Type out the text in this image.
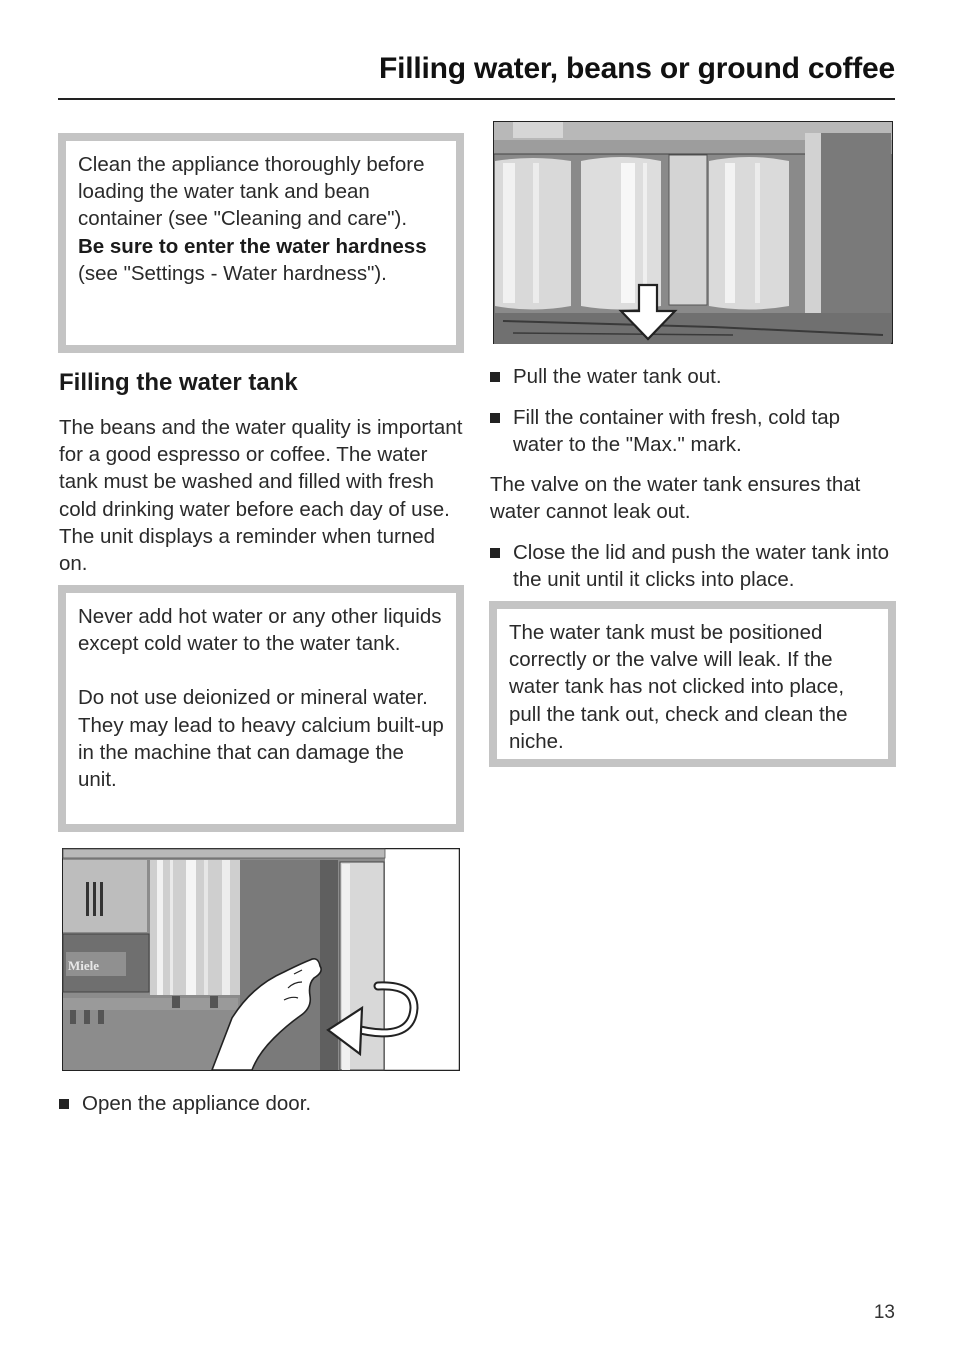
Filling water, beans or ground coffee

Clean the appliance thoroughly before loading the water tank and bean container (see "Cleaning and care").
Be sure to enter the water hardness (see "Settings - Water hardness").

Filling the water tank

The beans and the water quality is important for a good espresso or coffee. The water tank must be washed and filled with fresh cold drinking water before each day of use. The unit displays a reminder when turned on.

Never add hot water or any other liquids except cold water to the water tank.

Do not use deionized or mineral water. They may lead to heavy calcium built-up in the machine that can damage the unit.

Miele

Open the appliance door.

Pull the water tank out.

Fill the container with fresh, cold tap water to the "Max." mark.

The valve on the water tank ensures that water cannot leak out.

Close the lid and push the water tank into the unit until it clicks into place.

The water tank must be positioned correctly or the valve will leak. If the water tank has not clicked into place, pull the tank out, check and clean the niche.

13
